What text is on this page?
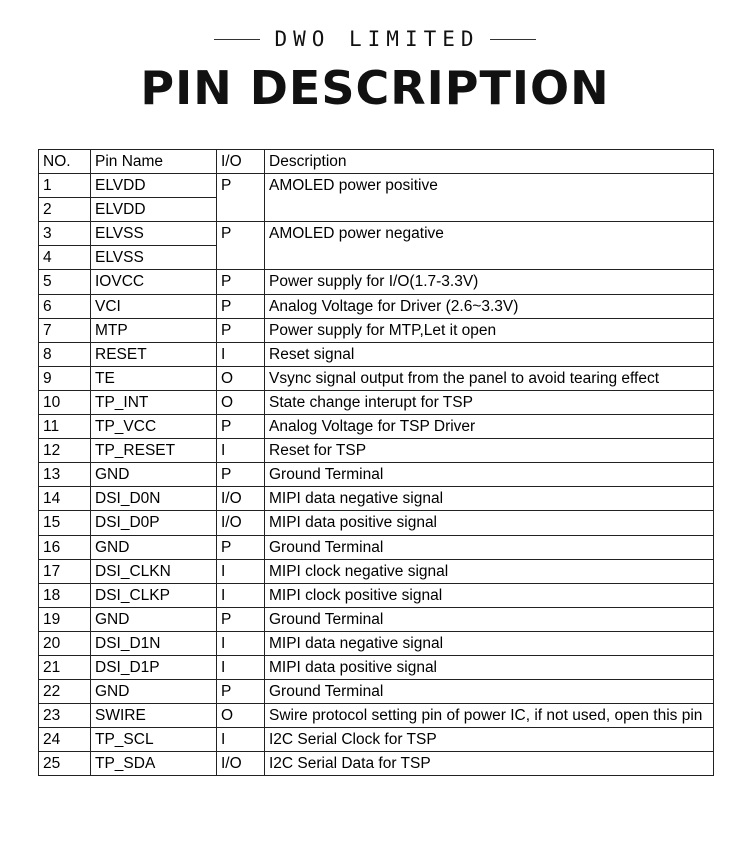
DWO LIMITED
PIN DESCRIPTION
NO.	Pin Name	I/O	Description
1	ELVDD	P	AMOLED power positive
2	ELVDD		
3	ELVSS	P	AMOLED power negative
4	ELVSS		
5	IOVCC	P	Power supply for I/O(1.7-3.3V)
6	VCI	P	Analog Voltage for Driver (2.6~3.3V)
7	MTP	P	Power supply for MTP,Let it open
8	RESET	I	Reset signal
9	TE	O	Vsync signal output from the panel to avoid tearing effect
10	TP_INT	O	State change interupt for TSP
11	TP_VCC	P	Analog Voltage for TSP Driver
12	TP_RESET	I	Reset for TSP
13	GND	P	Ground Terminal
14	DSI_D0N	I/O	MIPI data negative signal
15	DSI_D0P	I/O	MIPI data positive signal
16	GND	P	Ground Terminal
17	DSI_CLKN	I	MIPI clock negative signal
18	DSI_CLKP	I	MIPI clock positive signal
19	GND	P	Ground Terminal
20	DSI_D1N	I	MIPI data negative signal
21	DSI_D1P	I	MIPI data positive signal
22	GND	P	Ground Terminal
23	SWIRE	O	Swire protocol setting pin of power IC, if not used, open this pin
24	TP_SCL	I	I2C Serial Clock for TSP
25	TP_SDA	I/O	I2C Serial Data for TSP
